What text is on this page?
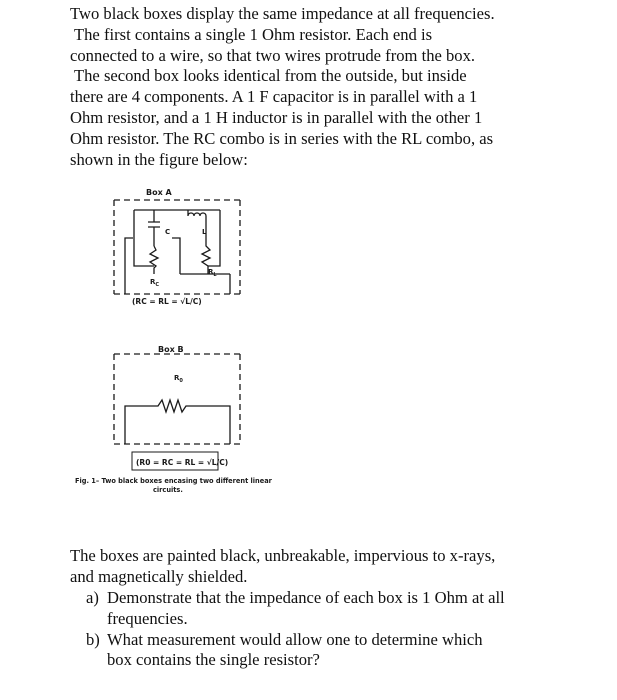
Two black boxes display the same impedance at all frequencies.
The first contains a single 1 Ohm resistor. Each end is
connected to a wire, so that two wires protrude from the box.
The second box looks identical from the outside, but inside
there are 4 components. A 1 F capacitor is in parallel with a 1
Ohm resistor, and a 1 H inductor is in parallel with the other 1
Ohm resistor. The RC combo is in series with the RL combo, as
shown in the figure below:

Box A
C
$R_C$
L
$R_L$
(RC = RL = √L/C)
Box B
$R_0$
(R0 = RC = RL = √L/C)
Fig. 1– Two black boxes encasing two different linear
circuits.
The boxes are painted black, unbreakable, impervious to x-rays,
and magnetically shielded.
a) Demonstrate that the impedance of each box is 1 Ohm at all
frequencies.
b) What measurement would allow one to determine which
box contains the single resistor?
